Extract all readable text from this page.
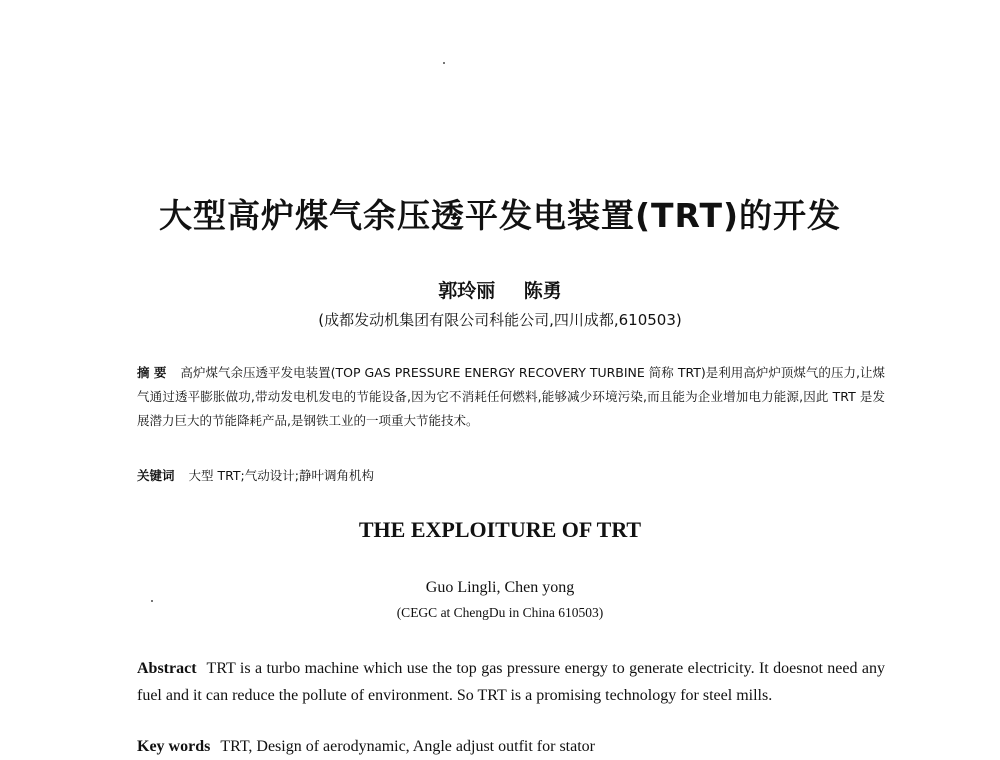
大型高炉煤气余压透平发电装置(TRT)的开发
郭玲丽 陈勇
(成都发动机集团有限公司科能公司,四川成都,610503)
摘 要 高炉煤气余压透平发电装置(TOP GAS PRESSURE ENERGY RECOVERY TURBINE 简称 TRT)是利用高炉炉顶煤气的压力,让煤气通过透平膨胀做功,带动发电机发电的节能设备,因为它不消耗任何燃料,能够减少环境污染,而且能为企业增加电力能源,因此 TRT 是发展潜力巨大的节能降耗产品,是钢铁工业的一项重大节能技术。
关键词 大型 TRT;气动设计;静叶调角机构
THE EXPLOITURE OF TRT
Guo Lingli, Chen yong
(CEGC at ChengDu in China 610503)
Abstract TRT is a turbo machine which use the top gas pressure energy to generate electricity. It doesnot need any fuel and it can reduce the pollute of environment. So TRT is a promising technology for steel mills.
Key words TRT, Design of aerodynamic, Angle adjust outfit for stator
